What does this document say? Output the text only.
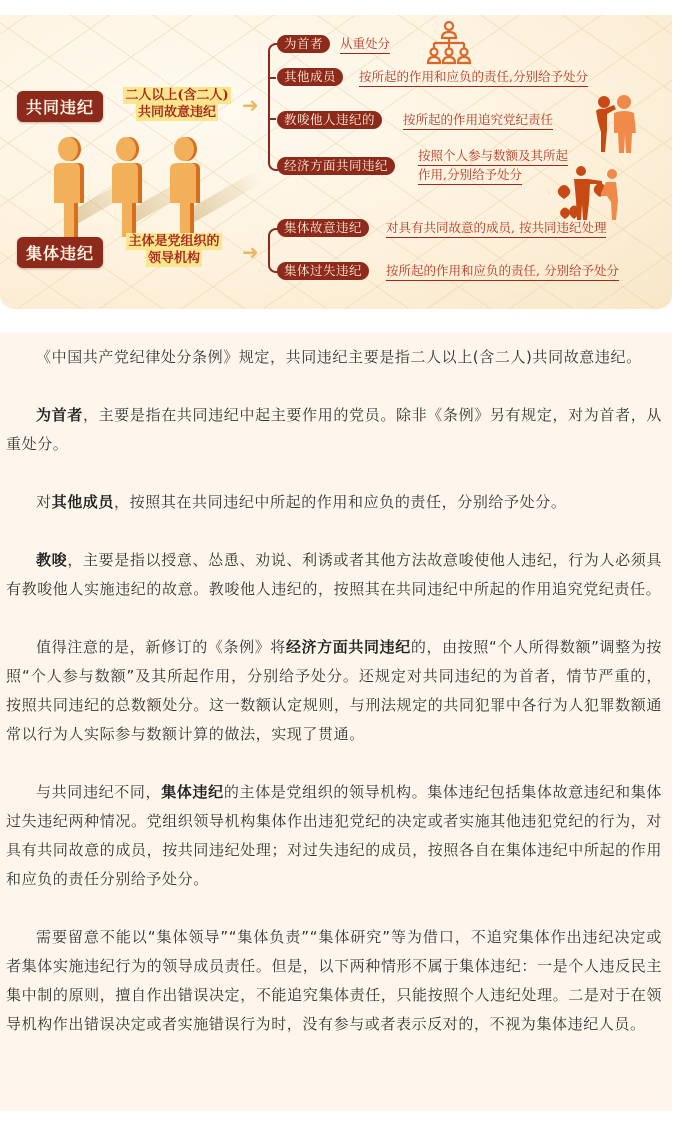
共同违纪
二人以上(含二人)
共同故意违纪	➜
为首者	从重处分
其他成员	按所起的作用和应负的责任,分别给予处分
教唆他人违纪的	按所起的作用追究党纪责任
经济方面共同违纪
按照个人参与数额及其所起
作用,分别给予处分
集体违纪
主体是党组织的
领导机构	➜
集体故意违纪	对具有共同故意的成员, 按共同违纪处理
集体过失违纪	按所起的作用和应负的责任, 分别给予处分

《中国共产党纪律处分条例》规定，共同违纪主要是指二人以上(含二人)共同故意违纪。

为首者，主要是指在共同违纪中起主要作用的党员。除非《条例》另有规定，对为首者，从重处分。

对其他成员，按照其在共同违纪中所起的作用和应负的责任，分别给予处分。

教唆，主要是指以授意、怂恿、劝说、利诱或者其他方法故意唆使他人违纪，行为人必须具有教唆他人实施违纪的故意。教唆他人违纪的，按照其在共同违纪中所起的作用追究党纪责任。

值得注意的是，新修订的《条例》将经济方面共同违纪的，由按照“个人所得数额”调整为按照“个人参与数额”及其所起作用，分别给予处分。还规定对共同违纪的为首者，情节严重的，按照共同违纪的总数额处分。这一数额认定规则，与刑法规定的共同犯罪中各行为人犯罪数额通常以行为人实际参与数额计算的做法，实现了贯通。

与共同违纪不同，集体违纪的主体是党组织的领导机构。集体违纪包括集体故意违纪和集体过失违纪两种情况。党组织领导机构集体作出违犯党纪的决定或者实施其他违犯党纪的行为，对具有共同故意的成员，按共同违纪处理；对过失违纪的成员，按照各自在集体违纪中所起的作用和应负的责任分别给予处分。

需要留意不能以“集体领导”“集体负责”“集体研究”等为借口，不追究集体作出违纪决定或者集体实施违纪行为的领导成员责任。但是，以下两种情形不属于集体违纪：一是个人违反民主集中制的原则，擅自作出错误决定，不能追究集体责任，只能按照个人违纪处理。二是对于在领导机构作出错误决定或者实施错误行为时，没有参与或者表示反对的，不视为集体违纪人员。
